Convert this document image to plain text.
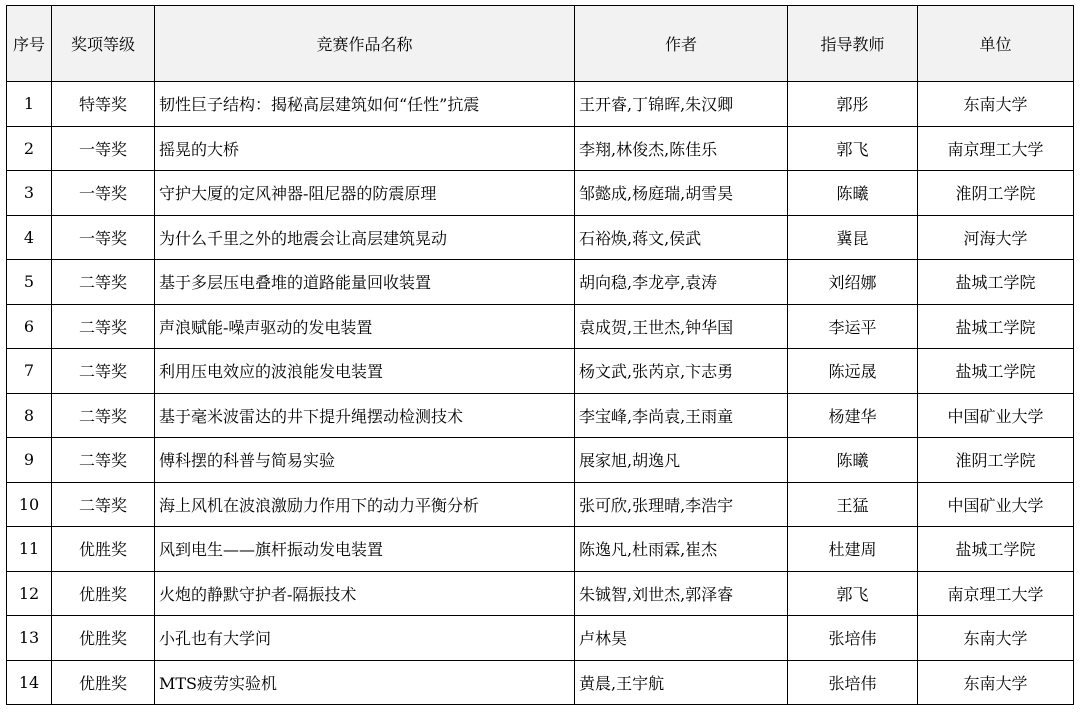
序号	奖项等级	竞赛作品名称	作者	指导教师	单位
1	特等奖	韧性巨子结构：揭秘高层建筑如何“任性”抗震	王开睿,丁锦晖,朱汉卿	郭彤	东南大学
2	一等奖	摇晃的大桥	李翔,林俊杰,陈佳乐	郭飞	南京理工大学
3	一等奖	守护大厦的定风神器-阻尼器的防震原理	邹懿成,杨庭瑞,胡雪昊	陈曦	淮阴工学院
4	一等奖	为什么千里之外的地震会让高层建筑晃动	石裕焕,蒋文,侯武	冀昆	河海大学
5	二等奖	基于多层压电叠堆的道路能量回收装置	胡向稳,李龙亭,袁涛	刘绍娜	盐城工学院
6	二等奖	声浪赋能-噪声驱动的发电装置	袁成贺,王世杰,钟华国	李运平	盐城工学院
7	二等奖	利用压电效应的波浪能发电装置	杨文武,张芮京,卞志勇	陈远晟	盐城工学院
8	二等奖	基于毫米波雷达的井下提升绳摆动检测技术	李宝峰,李尚袁,王雨童	杨建华	中国矿业大学
9	二等奖	傅科摆的科普与简易实验	展家旭,胡逸凡	陈曦	淮阴工学院
10	二等奖	海上风机在波浪激励力作用下的动力平衡分析	张可欣,张理晴,李浩宇	王猛	中国矿业大学
11	优胜奖	风到电生——旗杆振动发电装置	陈逸凡,杜雨霖,崔杰	杜建周	盐城工学院
12	优胜奖	火炮的静默守护者-隔振技术	朱铖智,刘世杰,郭泽睿	郭飞	南京理工大学
13	优胜奖	小孔也有大学问	卢林昊	张培伟	东南大学
14	优胜奖	MTS疲劳实验机	黄晨,王宇航	张培伟	东南大学
